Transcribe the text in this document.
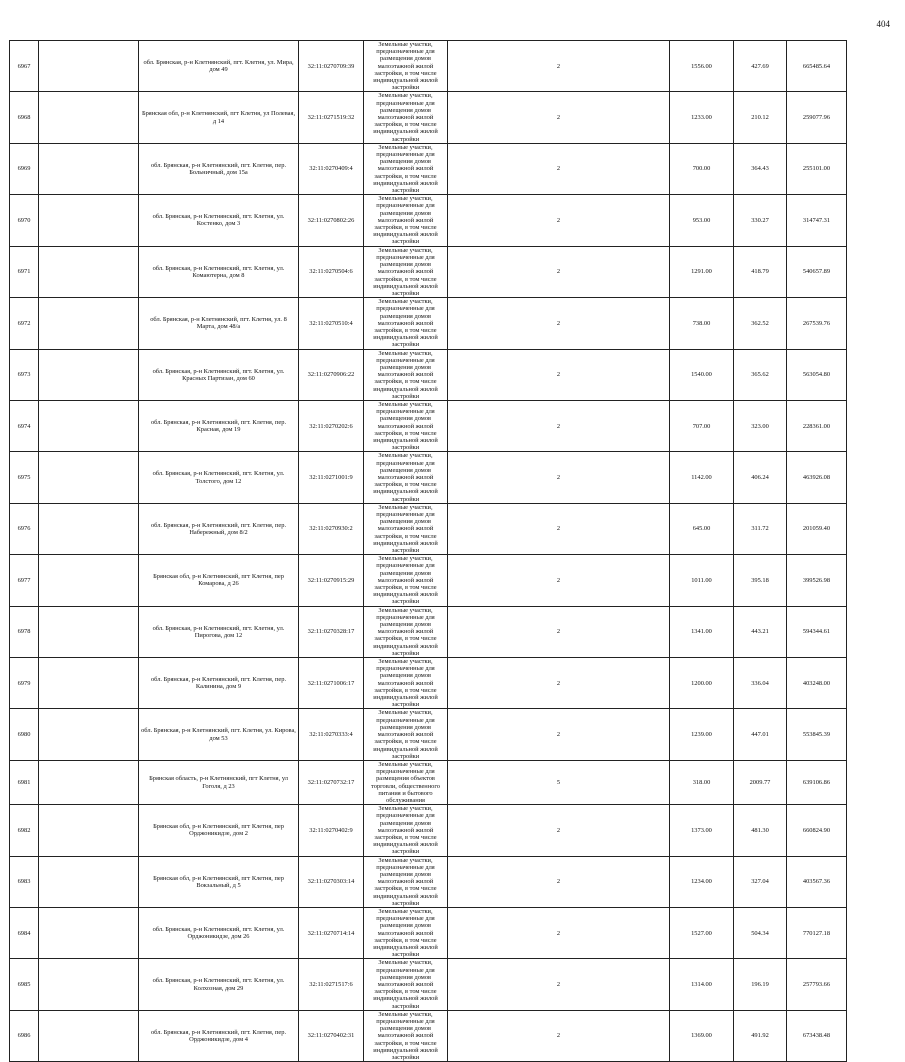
404
6967		обл. Брянская, р-н Клетнянский, пгт. Клетня, ул. Мира, дом 49	32:11:0270709:39	Земельные участки, предназначенные для размещения домов малоэтажной жилой застройки, в том числе индивидуальной жилой застройки	2	1556.00	427.69	665485.64
6968		Брянская обл, р-н Клетнянский, пгт Клетня, ул Полевая, д 14	32:11:0271519:32	Земельные участки, предназначенные для размещения домов малоэтажной жилой застройки, в том числе индивидуальной жилой застройки	2	1233.00	210.12	259077.96
6969		обл. Брянская, р-н Клетнянский, пгт. Клетня, пер. Больничный, дом 15а	32:11:0270409:4	Земельные участки, предназначенные для размещения домов малоэтажной жилой застройки, в том числе индивидуальной жилой застройки	2	700.00	364.43	255101.00
6970		обл. Брянская, р-н Клетнянский, пгт. Клетня, ул. Костенко, дом 3	32:11:0270802:26	Земельные участки, предназначенные для размещения домов малоэтажной жилой застройки, в том числе индивидуальной жилой застройки	2	953.00	330.27	314747.31
6971		обл. Брянская, р-н Клетнянский, пгт. Клетня, ул. Комаютерна, дом 8	32:11:0270504:6	Земельные участки, предназначенные для размещения домов малоэтажной жилой застройки, в том числе индивидуальной жилой застройки	2	1291.00	418.79	540657.89
6972		обл. Брянская, р-н Клетнянский, пгт. Клетня, ул. 8 Марта, дом 48/а	32:11:0270510:4	Земельные участки, предназначенные для размещения домов малоэтажной жилой застройки, в том числе индивидуальной жилой застройки	2	738.00	362.52	267539.76
6973		обл. Брянская, р-н Клетнянский, пгт. Клетня, ул. Красных Партизан, дом 60	32:11:0270906:22	Земельные участки, предназначенные для размещения домов малоэтажной жилой застройки, в том числе индивидуальной жилой застройки	2	1540.00	365.62	563054.80
6974		обл. Брянская, р-н Клетнянский, пгт. Клетня, пер. Красная, дом 19	32:11:0270202:6	Земельные участки, предназначенные для размещения домов малоэтажной жилой застройки, в том числе индивидуальной жилой застройки	2	707.00	323.00	228361.00
6975		обл. Брянская, р-н Клетнянский, пгт. Клетня, ул. Толстого, дом 12	32:11:0271001:9	Земельные участки, предназначенные для размещения домов малоэтажной жилой застройки, в том числе индивидуальной жилой застройки	2	1142.00	406.24	463926.08
6976		обл. Брянская, р-н Клетнянский, пгт. Клетня, пер. Набережный, дом 8/2	32:11:0270930:2	Земельные участки, предназначенные для размещения домов малоэтажной жилой застройки, в том числе индивидуальной жилой застройки	2	645.00	311.72	201059.40
6977		Брянская обл, р-н Клетнянский, пгт Клетня, пер Комарова, д 26	32:11:0270915:29	Земельные участки, предназначенные для размещения домов малоэтажной жилой застройки, в том числе индивидуальной жилой застройки	2	1011.00	395.18	399526.98
6978		обл. Брянская, р-н Клетнянский, пгт. Клетня, ул. Пирогова, дом 12	32:11:0270328:17	Земельные участки, предназначенные для размещения домов малоэтажной жилой застройки, в том числе индивидуальной жилой застройки	2	1341.00	443.21	594344.61
6979		обл. Брянская, р-н Клетнянский, пгт. Клетня, пер. Калинина, дом 9	32:11:0271006:17	Земельные участки, предназначенные для размещения домов малоэтажной жилой застройки, в том числе индивидуальной жилой застройки	2	1200.00	336.04	403248.00
6980		обл. Брянская, р-н Клетнянский, пгт. Клетня, ул. Кирова, дом 53	32:11:0270333:4	Земельные участки, предназначенные для размещения домов малоэтажной жилой застройки, в том числе индивидуальной жилой застройки	2	1239.00	447.01	553845.39
6981		Брянская область, р-н Клетнянский, пгт Клетня, ул Гоголя, д 23	32:11:0270732:17	Земельные участки, предназначенные для размещения объектов торговли, общественного питания и бытового обслуживания	5	318.00	2009.77	639106.86
6982		Брянская обл, р-н Клетнянский, пгт Клетня, пер Орджоникидзе, дом 2	32:11:0270402:9	Земельные участки, предназначенные для размещения домов малоэтажной жилой застройки, в том числе индивидуальной жилой застройки	2	1373.00	481.30	660824.90
6983		Брянская обл, р-н Клетнянский, пгт Клетня, пер Вокзальный, д 5	32:11:0270303:14	Земельные участки, предназначенные для размещения домов малоэтажной жилой застройки, в том числе индивидуальной жилой застройки	2	1234.00	327.04	403567.36
6984		обл. Брянская, р-н Клетнянский, пгт. Клетня, ул. Орджоникидзе, дом 26	32:11:0270714:14	Земельные участки, предназначенные для размещения домов малоэтажной жилой застройки, в том числе индивидуальной жилой застройки	2	1527.00	504.34	770127.18
6985		обл. Брянская, р-н Клетнянский, пгт. Клетня, ул. Колхозная, дом 29	32:11:0271517:6	Земельные участки, предназначенные для размещения домов малоэтажной жилой застройки, в том числе индивидуальной жилой застройки	2	1314.00	196.19	257793.66
6986		обл. Брянская, р-н Клетнянский, пгт. Клетня, пер. Орджоникидзе, дом 4	32:11:0270402:31	Земельные участки, предназначенные для размещения домов малоэтажной жилой застройки, в том числе индивидуальной жилой застройки	2	1369.00	491.92	673438.48
